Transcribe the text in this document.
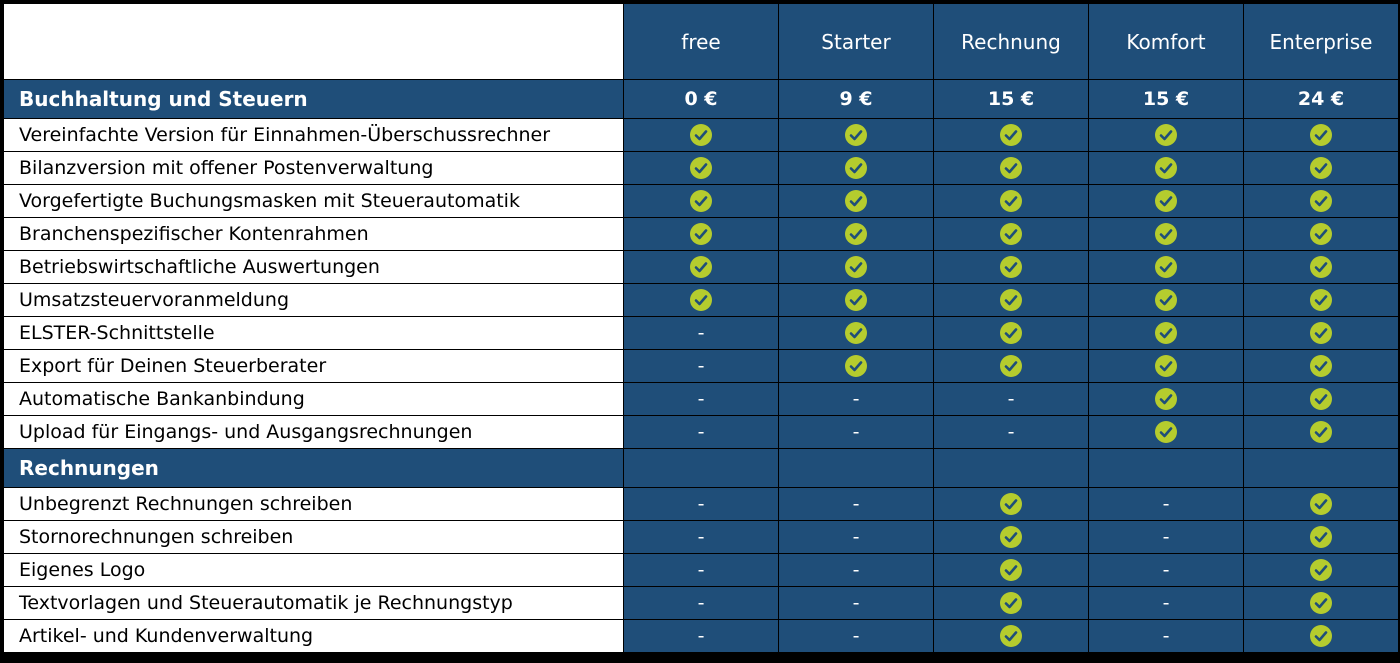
	free	Starter	Rechnung	Komfort	Enterprise
Buchhaltung und Steuern	0 €	9 €	15 €	15 €	24 €
Vereinfachte Version für Einnahmen-Überschussrechner					
Bilanzversion mit offener Postenverwaltung					
Vorgefertigte Buchungsmasken mit Steuerautomatik					
Branchenspezifischer Kontenrahmen					
Betriebswirtschaftliche Auswertungen					
Umsatzsteuervoranmeldung					
ELSTER-Schnittstelle	-				
Export für Deinen Steuerberater	-				
Automatische Bankanbindung	-	-	-		
Upload für Eingangs- und Ausgangsrechnungen	-	-	-		
Rechnungen					
Unbegrenzt Rechnungen schreiben	-	-		-	
Stornorechnungen schreiben	-	-		-	
Eigenes Logo	-	-		-	
Textvorlagen und Steuerautomatik je Rechnungstyp	-	-		-	
Artikel- und Kundenverwaltung	-	-		-	
